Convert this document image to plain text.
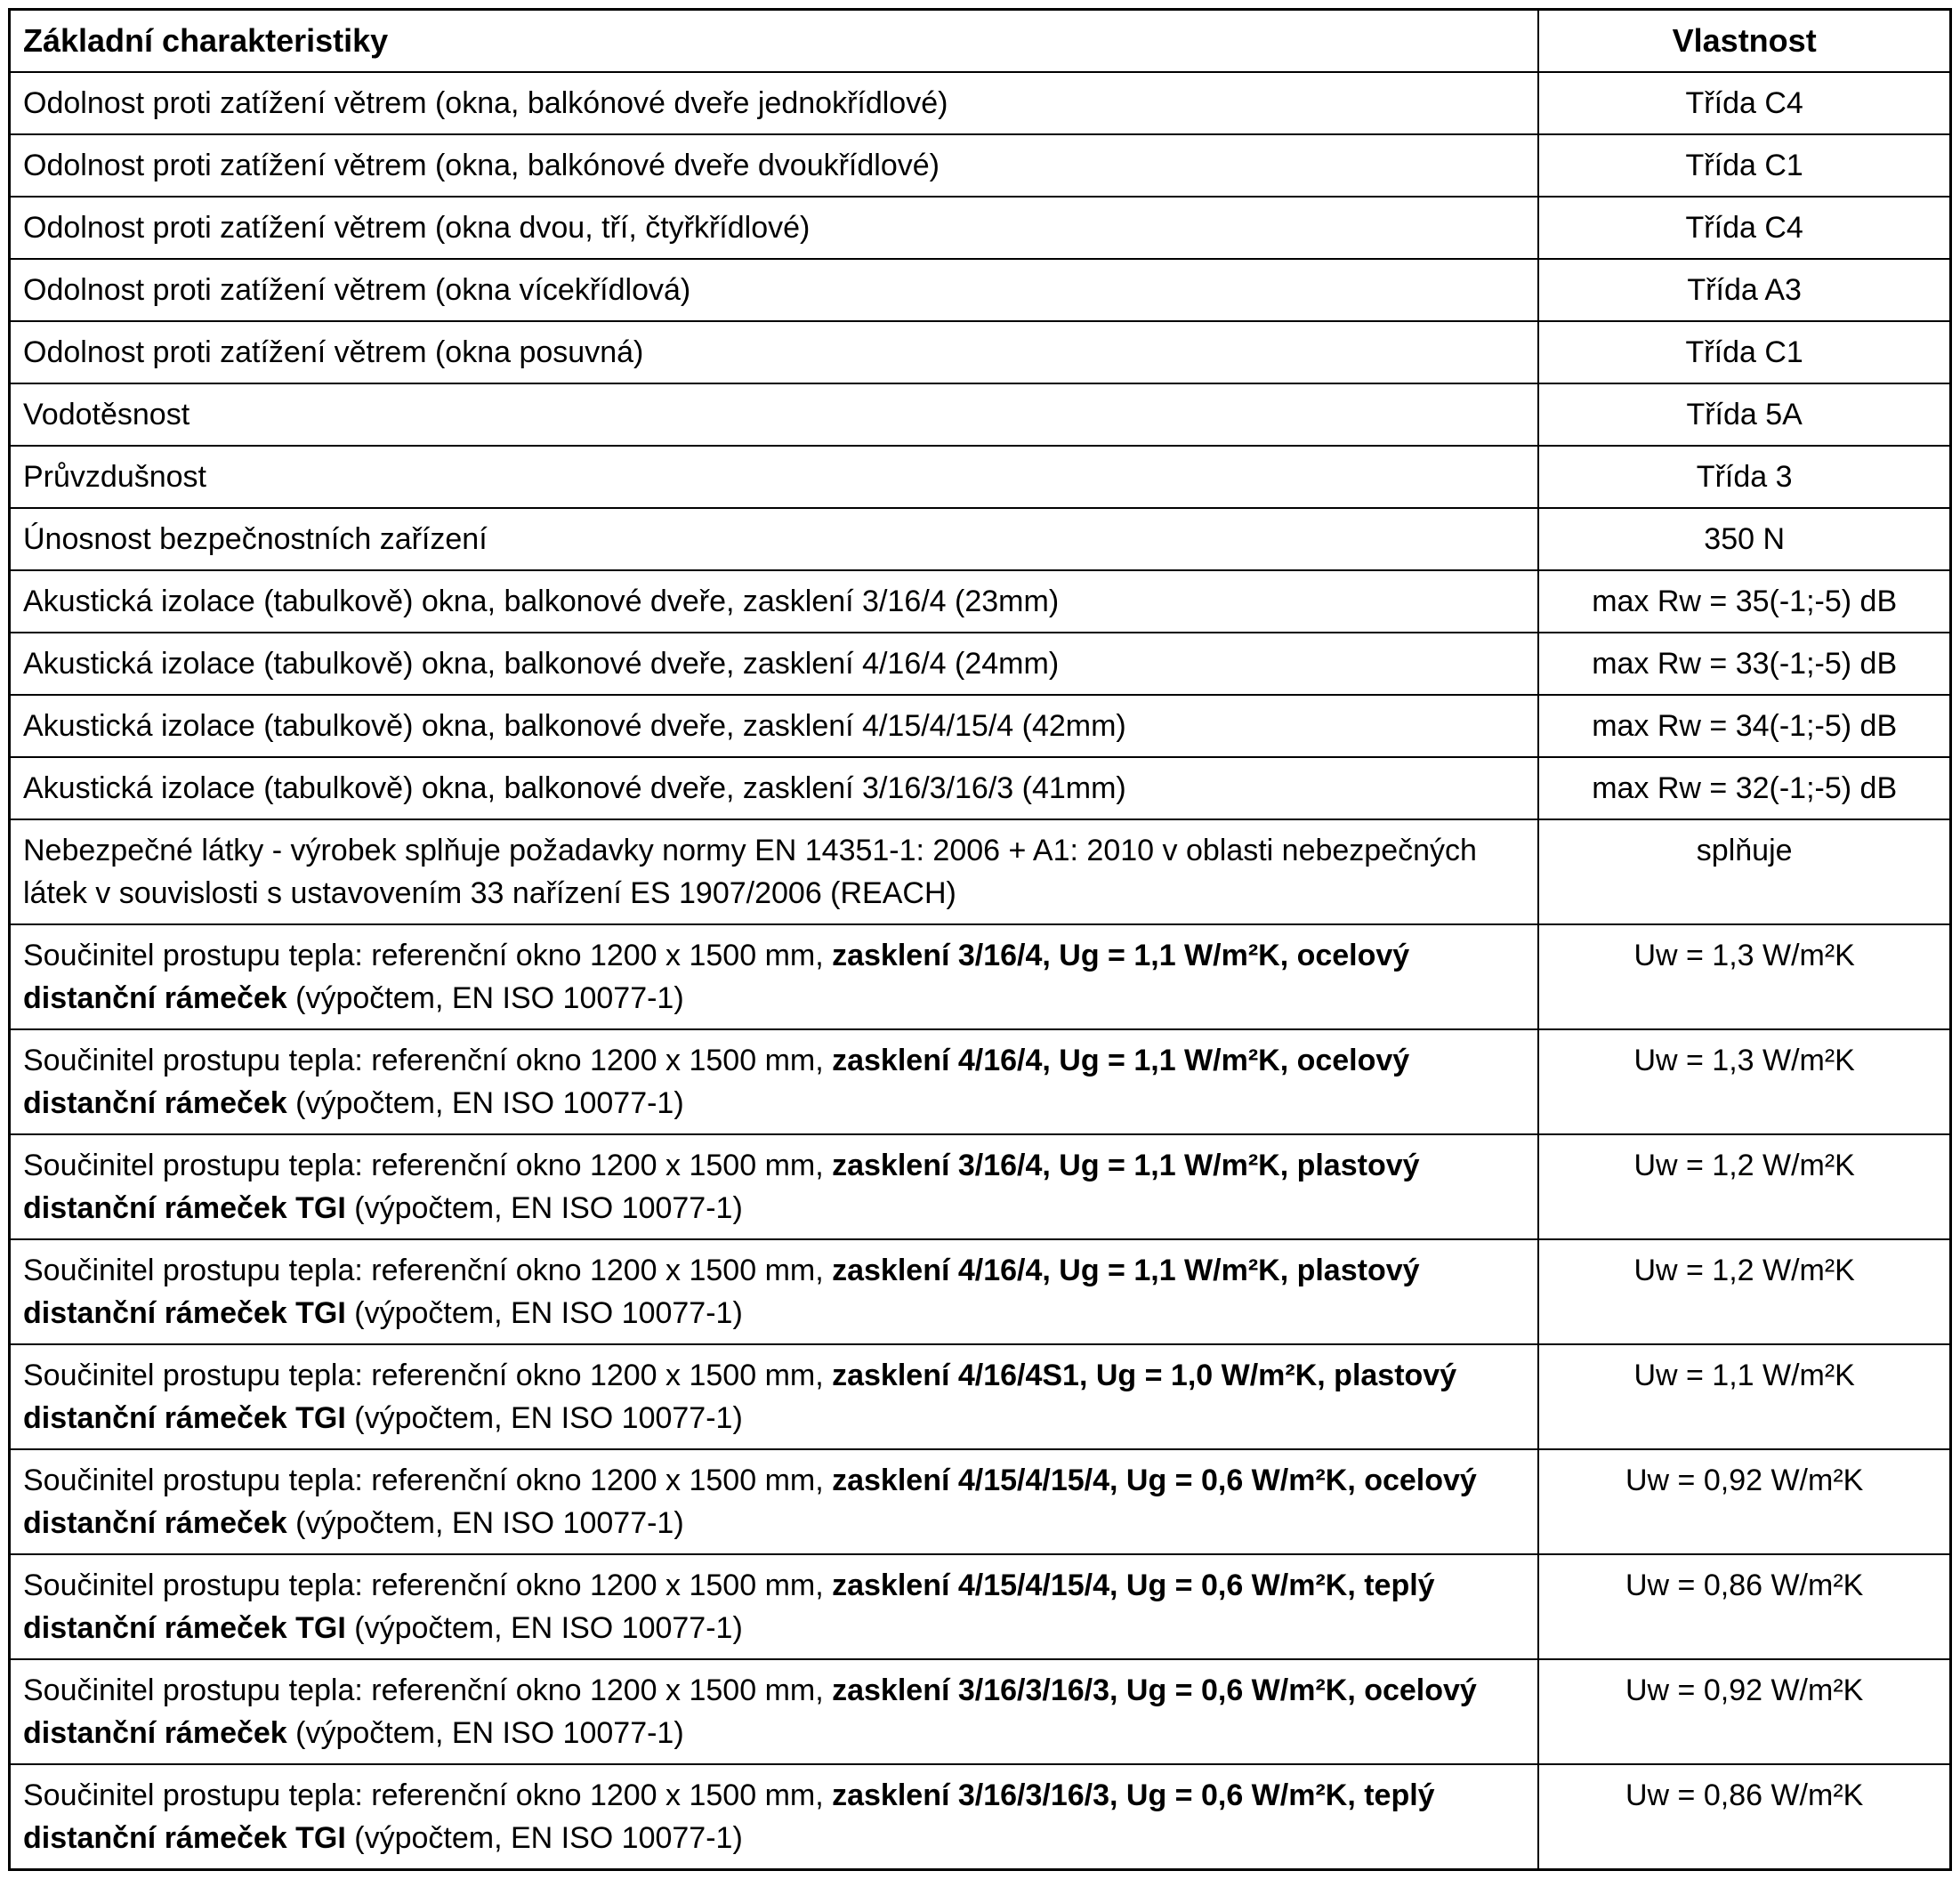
Základní charakteristiky	Vlastnost
Odolnost proti zatížení větrem (okna, balkónové dveře jednokřídlové)	Třída C4
Odolnost proti zatížení větrem (okna, balkónové dveře dvoukřídlové)	Třída C1
Odolnost proti zatížení větrem (okna dvou, tří, čtyřkřídlové)	Třída C4
Odolnost proti zatížení větrem (okna vícekřídlová)	Třída A3
Odolnost proti zatížení větrem (okna posuvná)	Třída C1
Vodotěsnost	Třída 5A
Průvzdušnost	Třída 3
Únosnost bezpečnostních zařízení	350 N
Akustická izolace (tabulkově) okna, balkonové dveře, zasklení 3/16/4 (23mm)	max Rw = 35(-1;-5) dB
Akustická izolace (tabulkově) okna, balkonové dveře, zasklení 4/16/4 (24mm)	max Rw = 33(-1;-5) dB
Akustická izolace (tabulkově) okna, balkonové dveře, zasklení 4/15/4/15/4 (42mm)	max Rw = 34(-1;-5) dB
Akustická izolace (tabulkově) okna, balkonové dveře, zasklení 3/16/3/16/3 (41mm)	max Rw = 32(-1;-5) dB
Nebezpečné látky - výrobek splňuje požadavky normy EN 14351-1: 2006 + A1: 2010 v oblasti nebezpečných látek v souvislosti s ustavovením 33 nařízení ES 1907/2006 (REACH)	splňuje
Součinitel prostupu tepla: referenční okno 1200 x 1500 mm, zasklení 3/16/4, Ug = 1,1 W/m²K, ocelový distanční rámeček (výpočtem, EN ISO 10077-1)	Uw = 1,3 W/m²K
Součinitel prostupu tepla: referenční okno 1200 x 1500 mm, zasklení 4/16/4, Ug = 1,1 W/m²K, ocelový distanční rámeček (výpočtem, EN ISO 10077-1)	Uw = 1,3 W/m²K
Součinitel prostupu tepla: referenční okno 1200 x 1500 mm, zasklení 3/16/4, Ug = 1,1 W/m²K, plastový distanční rámeček TGI (výpočtem, EN ISO 10077-1)	Uw = 1,2 W/m²K
Součinitel prostupu tepla: referenční okno 1200 x 1500 mm, zasklení 4/16/4, Ug = 1,1 W/m²K, plastový distanční rámeček TGI (výpočtem, EN ISO 10077-1)	Uw = 1,2 W/m²K
Součinitel prostupu tepla: referenční okno 1200 x 1500 mm, zasklení 4/16/4S1, Ug = 1,0 W/m²K, plastový distanční rámeček TGI (výpočtem, EN ISO 10077-1)	Uw = 1,1 W/m²K
Součinitel prostupu tepla: referenční okno 1200 x 1500 mm, zasklení 4/15/4/15/4, Ug = 0,6 W/m²K, ocelový distanční rámeček (výpočtem, EN ISO 10077-1)	Uw = 0,92 W/m²K
Součinitel prostupu tepla: referenční okno 1200 x 1500 mm, zasklení 4/15/4/15/4, Ug = 0,6 W/m²K, teplý distanční rámeček TGI (výpočtem, EN ISO 10077-1)	Uw = 0,86 W/m²K
Součinitel prostupu tepla: referenční okno 1200 x 1500 mm, zasklení 3/16/3/16/3, Ug = 0,6 W/m²K, ocelový distanční rámeček (výpočtem, EN ISO 10077-1)	Uw = 0,92 W/m²K
Součinitel prostupu tepla: referenční okno 1200 x 1500 mm, zasklení 3/16/3/16/3, Ug = 0,6 W/m²K, teplý distanční rámeček TGI (výpočtem, EN ISO 10077-1)	Uw = 0,86 W/m²K
